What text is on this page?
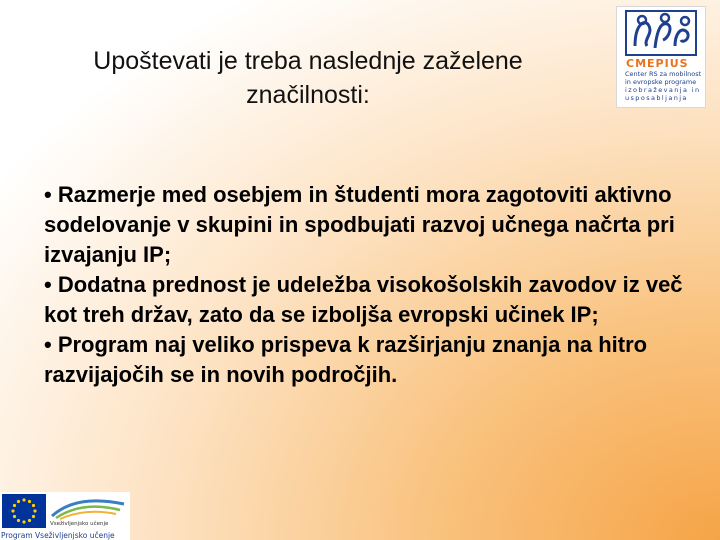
Upoštevati je treba naslednje zaželene
značilnosti:
CMEPIUS
Center RS za mobilnost
in evropske programe
izobraževanja in
usposabljanja

• Razmerje med osebjem in študenti mora zagotoviti aktivno sodelovanje v skupini in spodbujati razvoj učnega načrta pri izvajanju IP;

• Dodatna prednost je udeležba visokošolskih zavodov iz več kot treh držav, zato da se izboljša evropski učinek IP;

• Program naj veliko prispeva k razširjanju znanja na hitro razvijajočih se in novih področjih.

Vseživljenjsko učenje
Program Vseživljenjsko učenje
